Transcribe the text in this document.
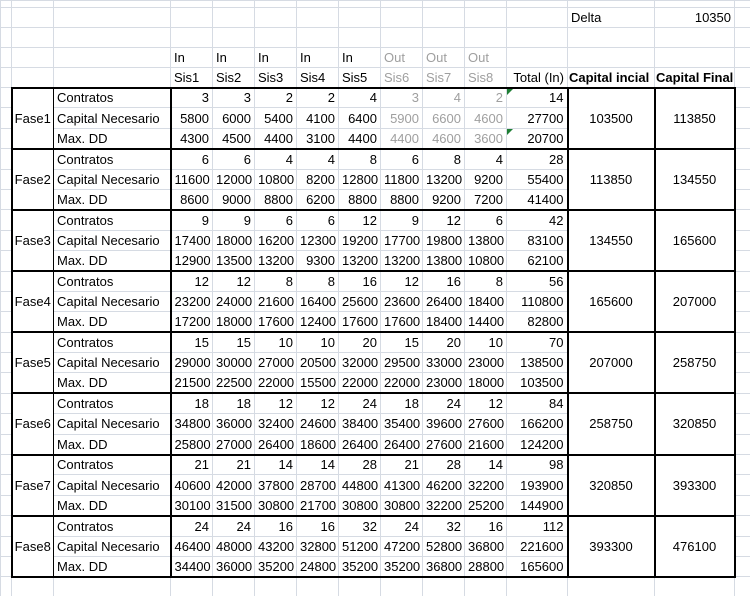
												Delta	10350	

			In	In	In	In	In	Out	Out	Out				
			Sis1	Sis2	Sis3	Sis4	Sis5	Sis6	Sis7	Sis8	Total (In)	Capital incial	Capital Final	
	Fase1	Contratos	3	3	2	2	4	3	4	2	14	103500	113850	
		Capital Necesario	5800	6000	5400	4100	6400	5900	6600	4600	27700			
		Max. DD	4300	4500	4400	3100	4400	4400	4600	3600	20700			
	Fase2	Contratos	6	6	4	4	8	6	8	4	28	113850	134550	
		Capital Necesario	11600	12000	10800	8200	12800	11800	13200	9200	55400			
		Max. DD	8600	9000	8800	6200	8800	8800	9200	7200	41400			
	Fase3	Contratos	9	9	6	6	12	9	12	6	42	134550	165600	
		Capital Necesario	17400	18000	16200	12300	19200	17700	19800	13800	83100			
		Max. DD	12900	13500	13200	9300	13200	13200	13800	10800	62100			
	Fase4	Contratos	12	12	8	8	16	12	16	8	56	165600	207000	
		Capital Necesario	23200	24000	21600	16400	25600	23600	26400	18400	110800			
		Max. DD	17200	18000	17600	12400	17600	17600	18400	14400	82800			
	Fase5	Contratos	15	15	10	10	20	15	20	10	70	207000	258750	
		Capital Necesario	29000	30000	27000	20500	32000	29500	33000	23000	138500			
		Max. DD	21500	22500	22000	15500	22000	22000	23000	18000	103500			
	Fase6	Contratos	18	18	12	12	24	18	24	12	84	258750	320850	
		Capital Necesario	34800	36000	32400	24600	38400	35400	39600	27600	166200			
		Max. DD	25800	27000	26400	18600	26400	26400	27600	21600	124200			
	Fase7	Contratos	21	21	14	14	28	21	28	14	98	320850	393300	
		Capital Necesario	40600	42000	37800	28700	44800	41300	46200	32200	193900			
		Max. DD	30100	31500	30800	21700	30800	30800	32200	25200	144900			
	Fase8	Contratos	24	24	16	16	32	24	32	16	112	393300	476100	
		Capital Necesario	46400	48000	43200	32800	51200	47200	52800	36800	221600			
		Max. DD	34400	36000	35200	24800	35200	35200	36800	28800	165600			
